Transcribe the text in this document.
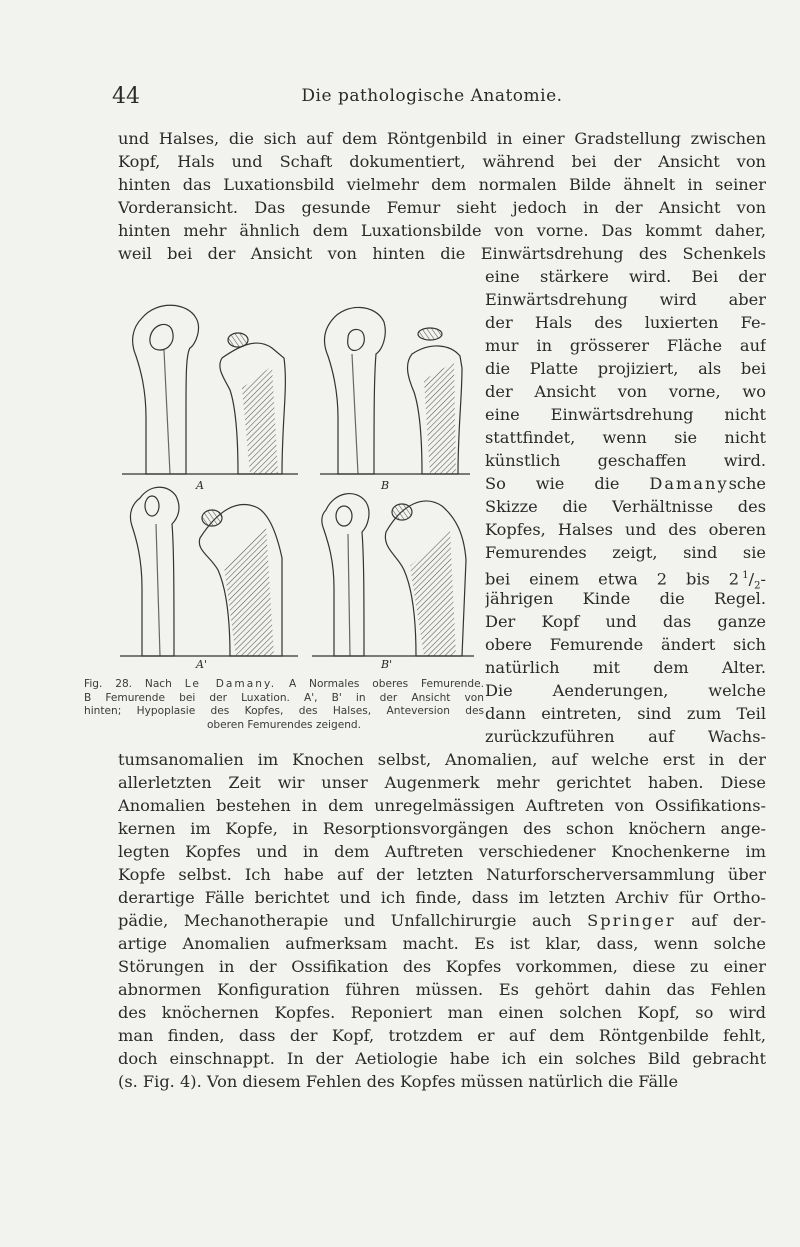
44	Die pathologische Anatomie.

und Halses, die sich auf dem Röntgenbild in einer Gradstellung zwischen

Kopf, Hals und Schaft dokumentiert, während bei der Ansicht von

hinten das Luxationsbild vielmehr dem normalen Bilde ähnelt in seiner

Vorderansicht. Das gesunde Femur sieht jedoch in der Ansicht von

hinten mehr ähnlich dem Luxationsbilde von vorne. Das kommt daher,

weil bei der Ansicht von hinten die Einwärtsdrehung des Schenkels

eine stärkere wird. Bei der

Einwärtsdrehung wird aber

der Hals des luxierten Fe-

mur in grösserer Fläche auf

die Platte projiziert, als bei

der Ansicht von vorne, wo

eine Einwärtsdrehung nicht

stattfindet, wenn sie nicht

künstlich geschaffen wird.

So wie die Damanysche

Skizze die Verhältnisse des

Kopfes, Halses und des oberen

Femurendes zeigt, sind sie

bei einem etwa 2 bis 2  $^1/_2-$

jährigen Kinde die Regel.

Der Kopf und das ganze

obere Femurende ändert sich

natürlich mit dem Alter.

Die Aenderungen, welche

dann eintreten, sind zum Teil

zurückzuführen auf Wachs-

tumsanomalien im Knochen selbst, Anomalien, auf welche erst in der

allerletzten Zeit wir unser Augenmerk mehr gerichtet haben. Diese

Anomalien bestehen in dem unregelmässigen Auftreten von Ossifikations-

kernen im Kopfe, in Resorptionsvorgängen des schon knöchern ange-

legten Kopfes und in dem Auftreten verschiedener Knochenkerne im

Kopfe selbst. Ich habe auf der letzten Naturforscherversammlung über

derartige Fälle berichtet und ich finde, dass im letzten Archiv für Ortho-

pädie, Mechanotherapie und Unfallchirurgie auch Springer auf der-

artige Anomalien aufmerksam macht. Es ist klar, dass, wenn solche

Störungen in der Ossifikation des Kopfes vorkommen, diese zu einer

abnormen Konfiguration führen müssen. Es gehört dahin das Fehlen

des knöchernen Kopfes. Reponiert man einen solchen Kopf, so wird

man finden, dass der Kopf, trotzdem er auf dem Röntgenbilde fehlt,

doch einschnappt. In der Aetiologie habe ich ein solches Bild gebracht

(s. Fig. 4). Von diesem Fehlen des Kopfes müssen natürlich die Fälle

A	B
A'	B'
Fig. 28. Nach Le Damany. A Normales oberes Femurende.
B Femurende bei der Luxation. A', B' in der Ansicht von
hinten; Hypoplasie des Kopfes, des Halses, Anteversion des
oberen Femurendes zeigend.
